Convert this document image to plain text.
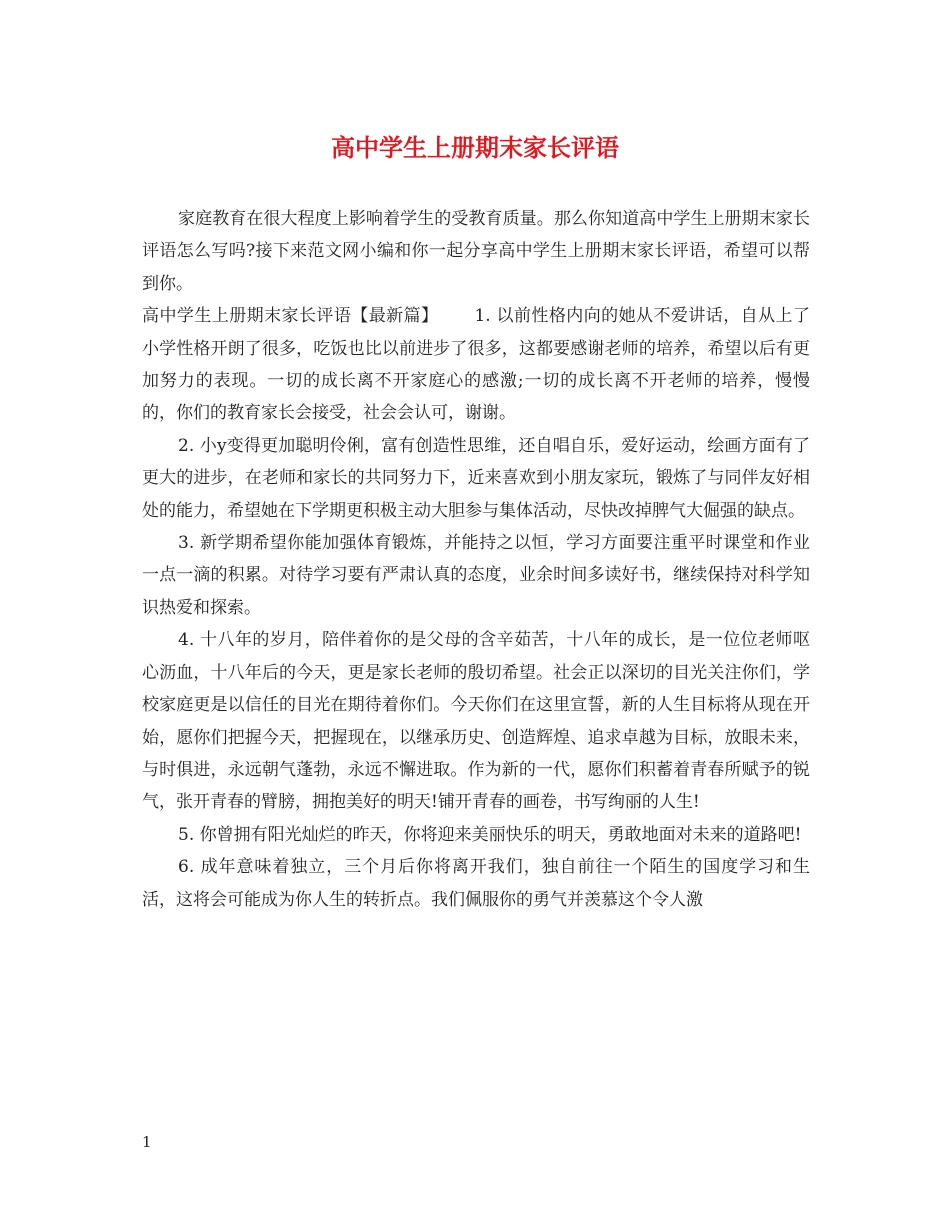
高中学生上册期末家长评语

家庭教育在很大程度上影响着学生的受教育质量。那么你知道高中学生上册期末家长评语怎么写吗?接下来范文网小编和你一起分享高中学生上册期末家长评语，希望可以帮到你。

高中学生上册期末家长评语【最新篇】 1. 以前性格内向的她从不爱讲话，自从上了小学性格开朗了很多，吃饭也比以前进步了很多，这都要感谢老师的培养，希望以后有更加努力的表现。一切的成长离不开家庭心的感激;一切的成长离不开老师的培养，慢慢的，你们的教育家长会接受，社会会认可，谢谢。

2. 小y变得更加聪明伶俐，富有创造性思维，还自唱自乐，爱好运动，绘画方面有了更大的进步，在老师和家长的共同努力下，近来喜欢到小朋友家玩，锻炼了与同伴友好相处的能力，希望她在下学期更积极主动大胆参与集体活动，尽快改掉脾气大倔强的缺点。

3. 新学期希望你能加强体育锻炼，并能持之以恒，学习方面要注重平时课堂和作业一点一滴的积累。对待学习要有严肃认真的态度，业余时间多读好书，继续保持对科学知识热爱和探索。

4. 十八年的岁月，陪伴着你的是父母的含辛茹苦，十八年的成长，是一位位老师呕心沥血，十八年后的今天，更是家长老师的殷切希望。社会正以深切的目光关注你们，学校家庭更是以信任的目光在期待着你们。今天你们在这里宣誓，新的人生目标将从现在开始，愿你们把握今天，把握现在，以继承历史、创造辉煌、追求卓越为目标，放眼未来，与时俱进，永远朝气蓬勃，永远不懈进取。作为新的一代，愿你们积蓄着青春所赋予的锐气，张开青春的臂膀，拥抱美好的明天!铺开青春的画卷，书写绚丽的人生!

5. 你曾拥有阳光灿烂的昨天，你将迎来美丽快乐的明天，勇敢地面对未来的道路吧!

6. 成年意味着独立，三个月后你将离开我们，独自前往一个陌生的国度学习和生活，这将会可能成为你人生的转折点。我们佩服你的勇气并羡慕这个令人激

1
